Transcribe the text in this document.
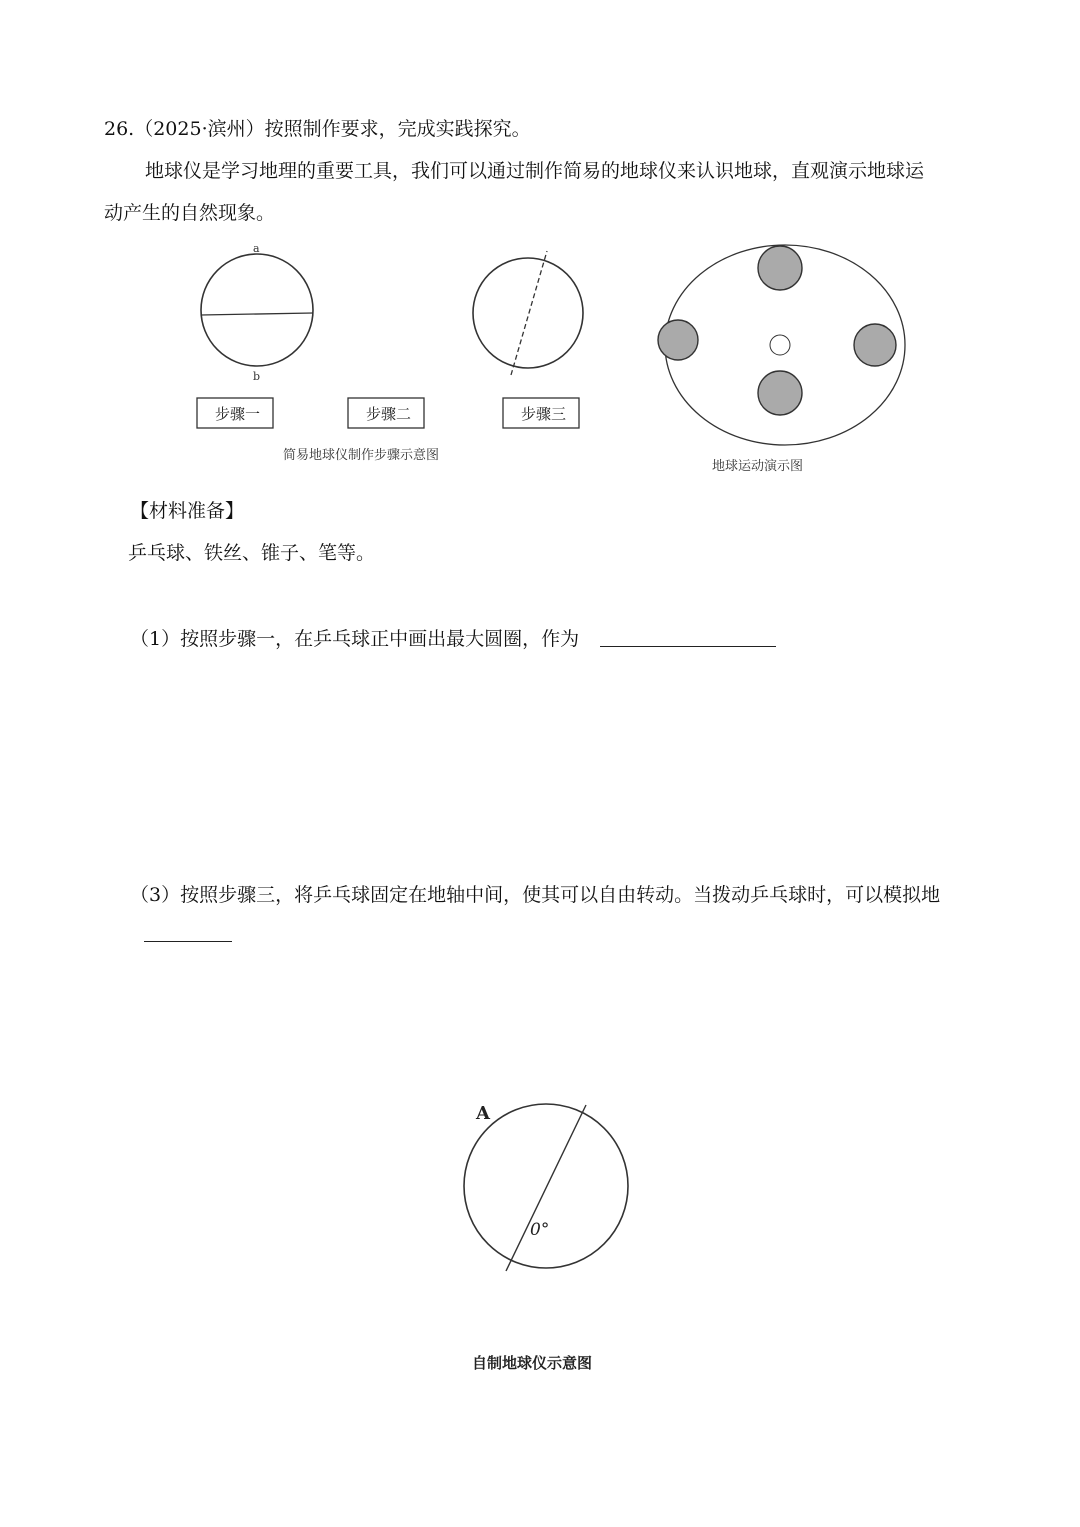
26.（2025·滨州）按照制作要求，完成实践探究。
地球仪是学习地理的重要工具，我们可以通过制作简易的地球仪来认识地球，直观演示地球运
动产生的自然现象。
a
b
步骤一	步骤二	步骤三
简易地球仪制作步骤示意图
地球运动演示图
【材料准备】
乒乓球、铁丝、锥子、笔等。
（1）按照步骤一，在乒乓球正中画出最大圆圈，作为
（3）按照步骤三，将乒乓球固定在地轴中间，使其可以自由转动。当拨动乒乓球时，可以模拟地
A
0°
自制地球仪示意图
